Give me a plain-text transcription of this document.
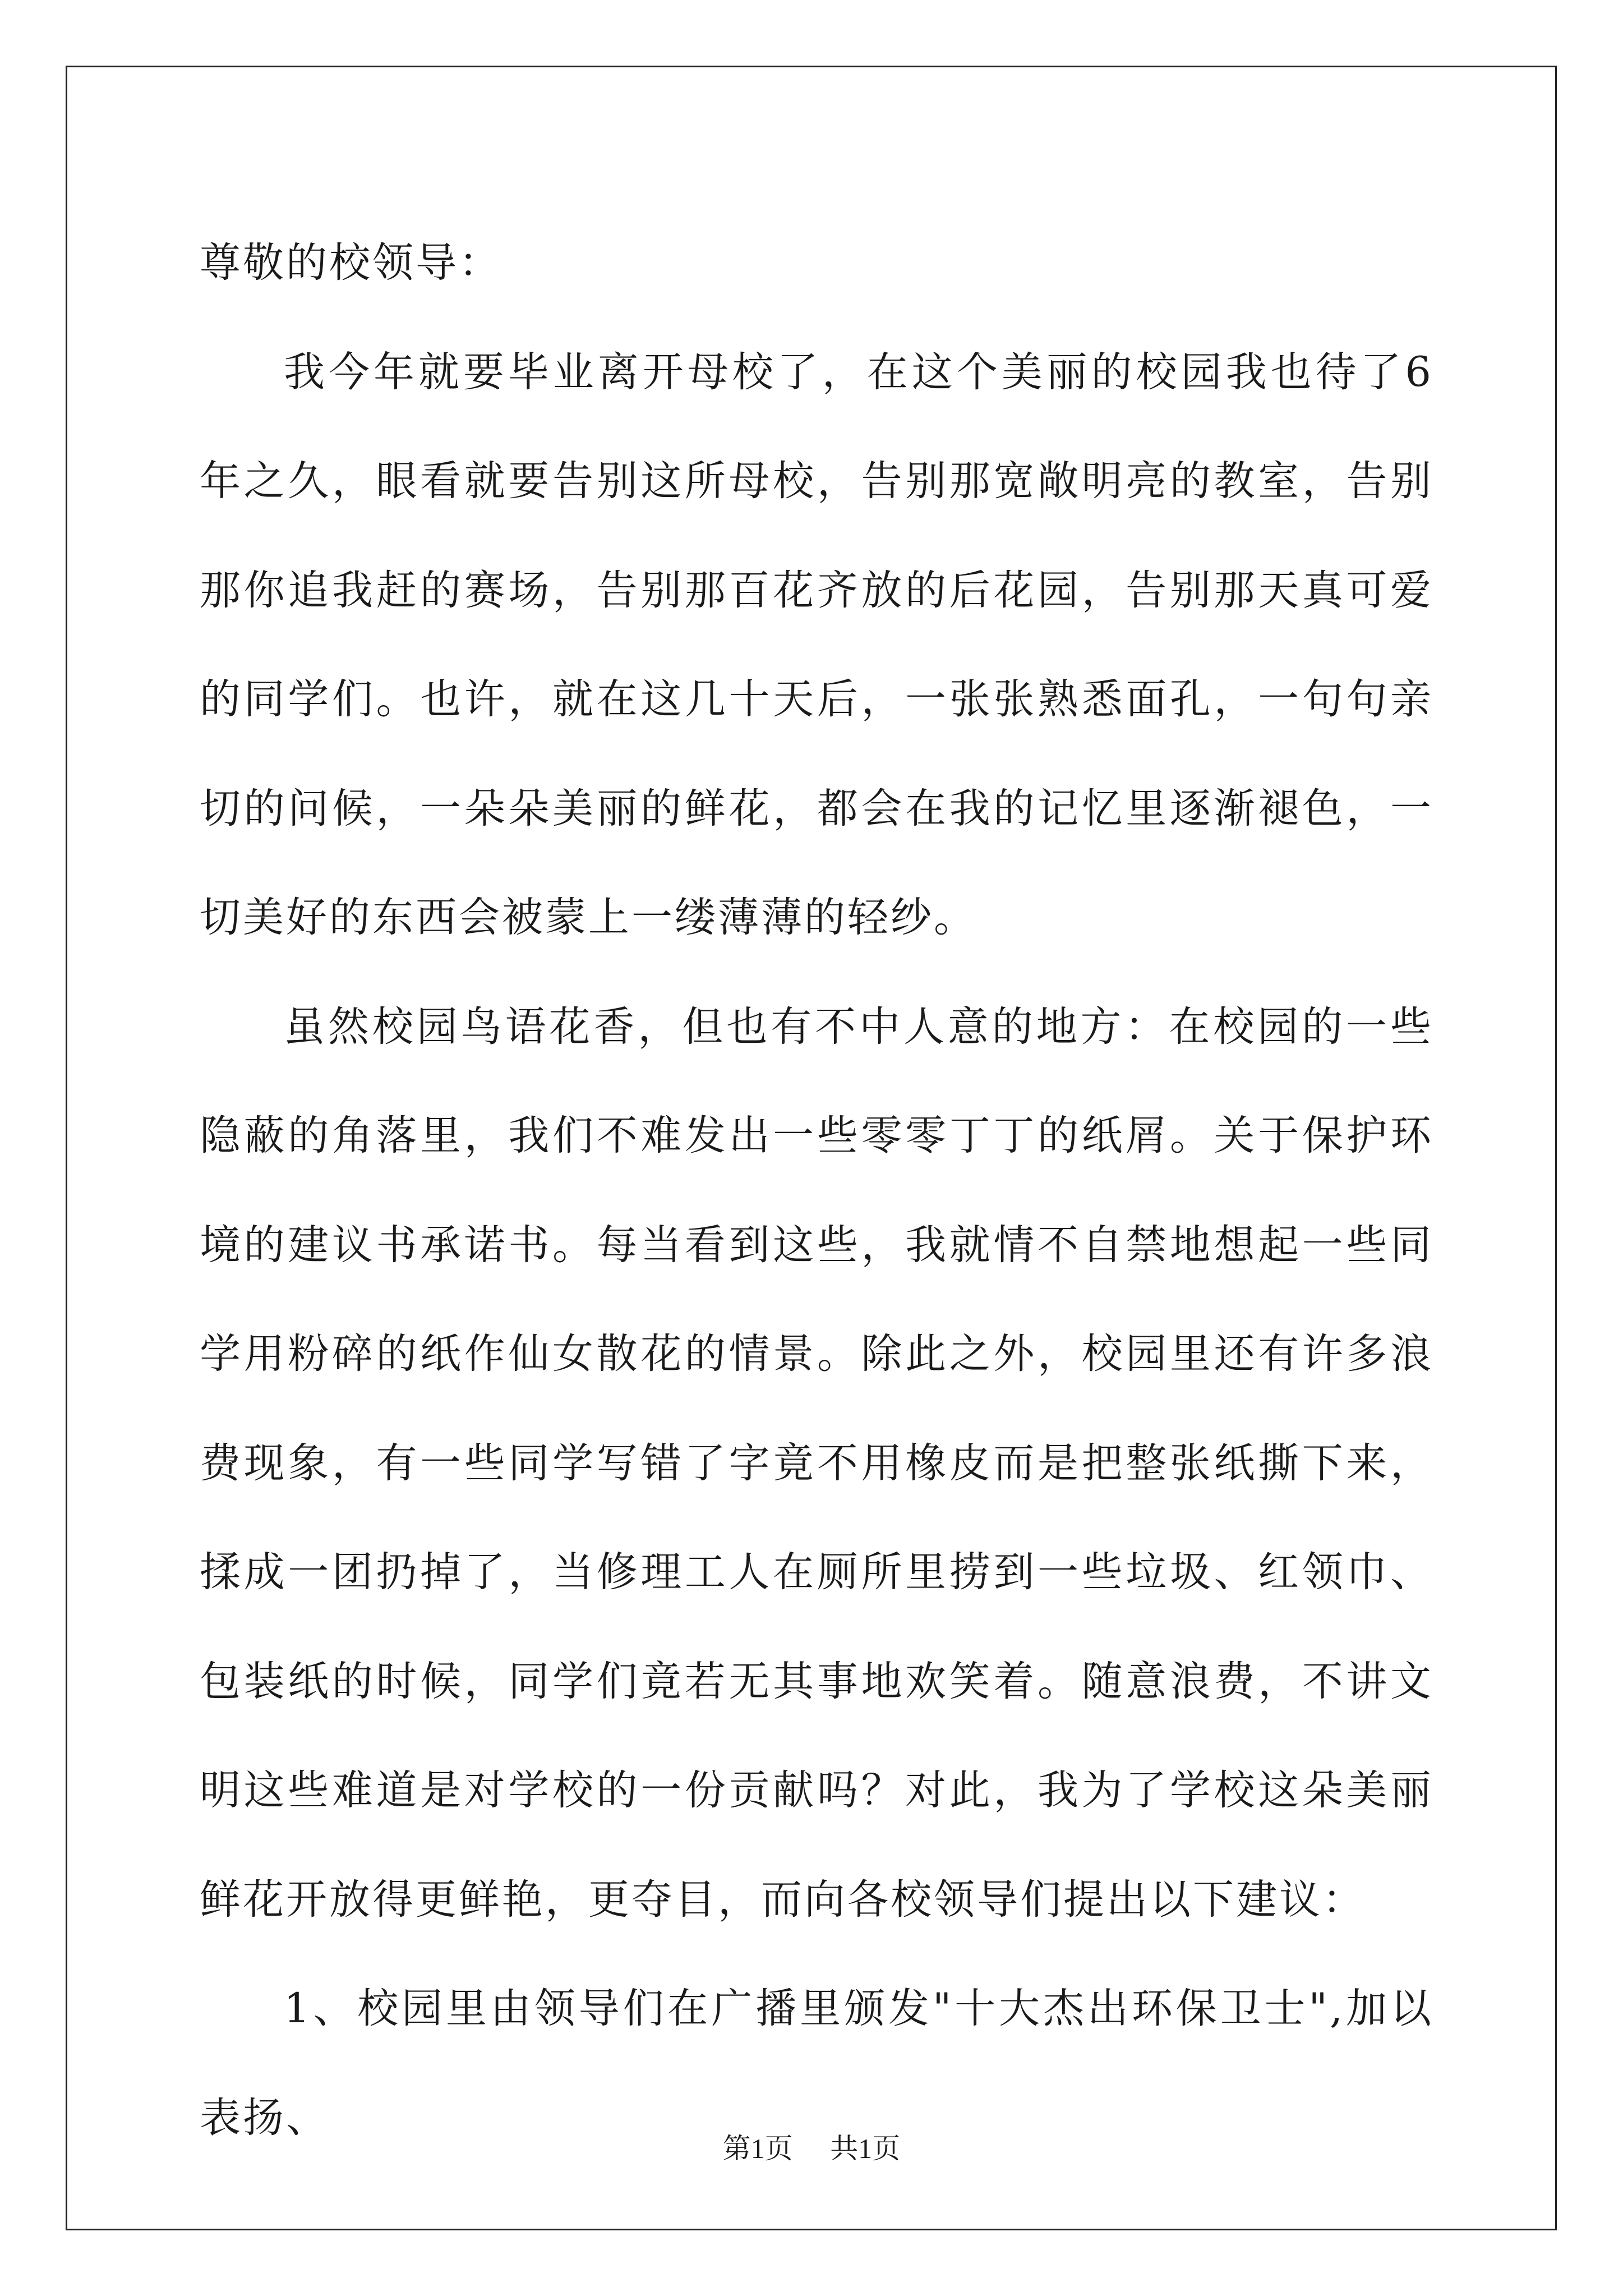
尊敬的校领导：

我今年就要毕业离开母校了，在这个美丽的校园我也待了6年之久，眼看就要告别这所母校，告别那宽敞明亮的教室，告别那你追我赶的赛场，告别那百花齐放的后花园，告别那天真可爱的同学们。也许，就在这几十天后，一张张熟悉面孔，一句句亲切的问候，一朵朵美丽的鲜花，都会在我的记忆里逐渐褪色，一切美好的东西会被蒙上一缕薄薄的轻纱。

虽然校园鸟语花香，但也有不中人意的地方：在校园的一些隐蔽的角落里，我们不难发出一些零零丁丁的纸屑。关于保护环境的建议书承诺书。每当看到这些，我就情不自禁地想起一些同学用粉碎的纸作仙女散花的情景。除此之外，校园里还有许多浪费现象，有一些同学写错了字竟不用橡皮而是把整张纸撕下来，揉成一团扔掉了，当修理工人在厕所里捞到一些垃圾、红领巾、包装纸的时候，同学们竟若无其事地欢笑着。随意浪费，不讲文明这些难道是对学校的一份贡献吗？对此，我为了学校这朵美丽鲜花开放得更鲜艳，更夺目，而向各校领导们提出以下建议：

1、校园里由领导们在广播里颁发"十大杰出环保卫士",加以表扬、

第1页 共1页
